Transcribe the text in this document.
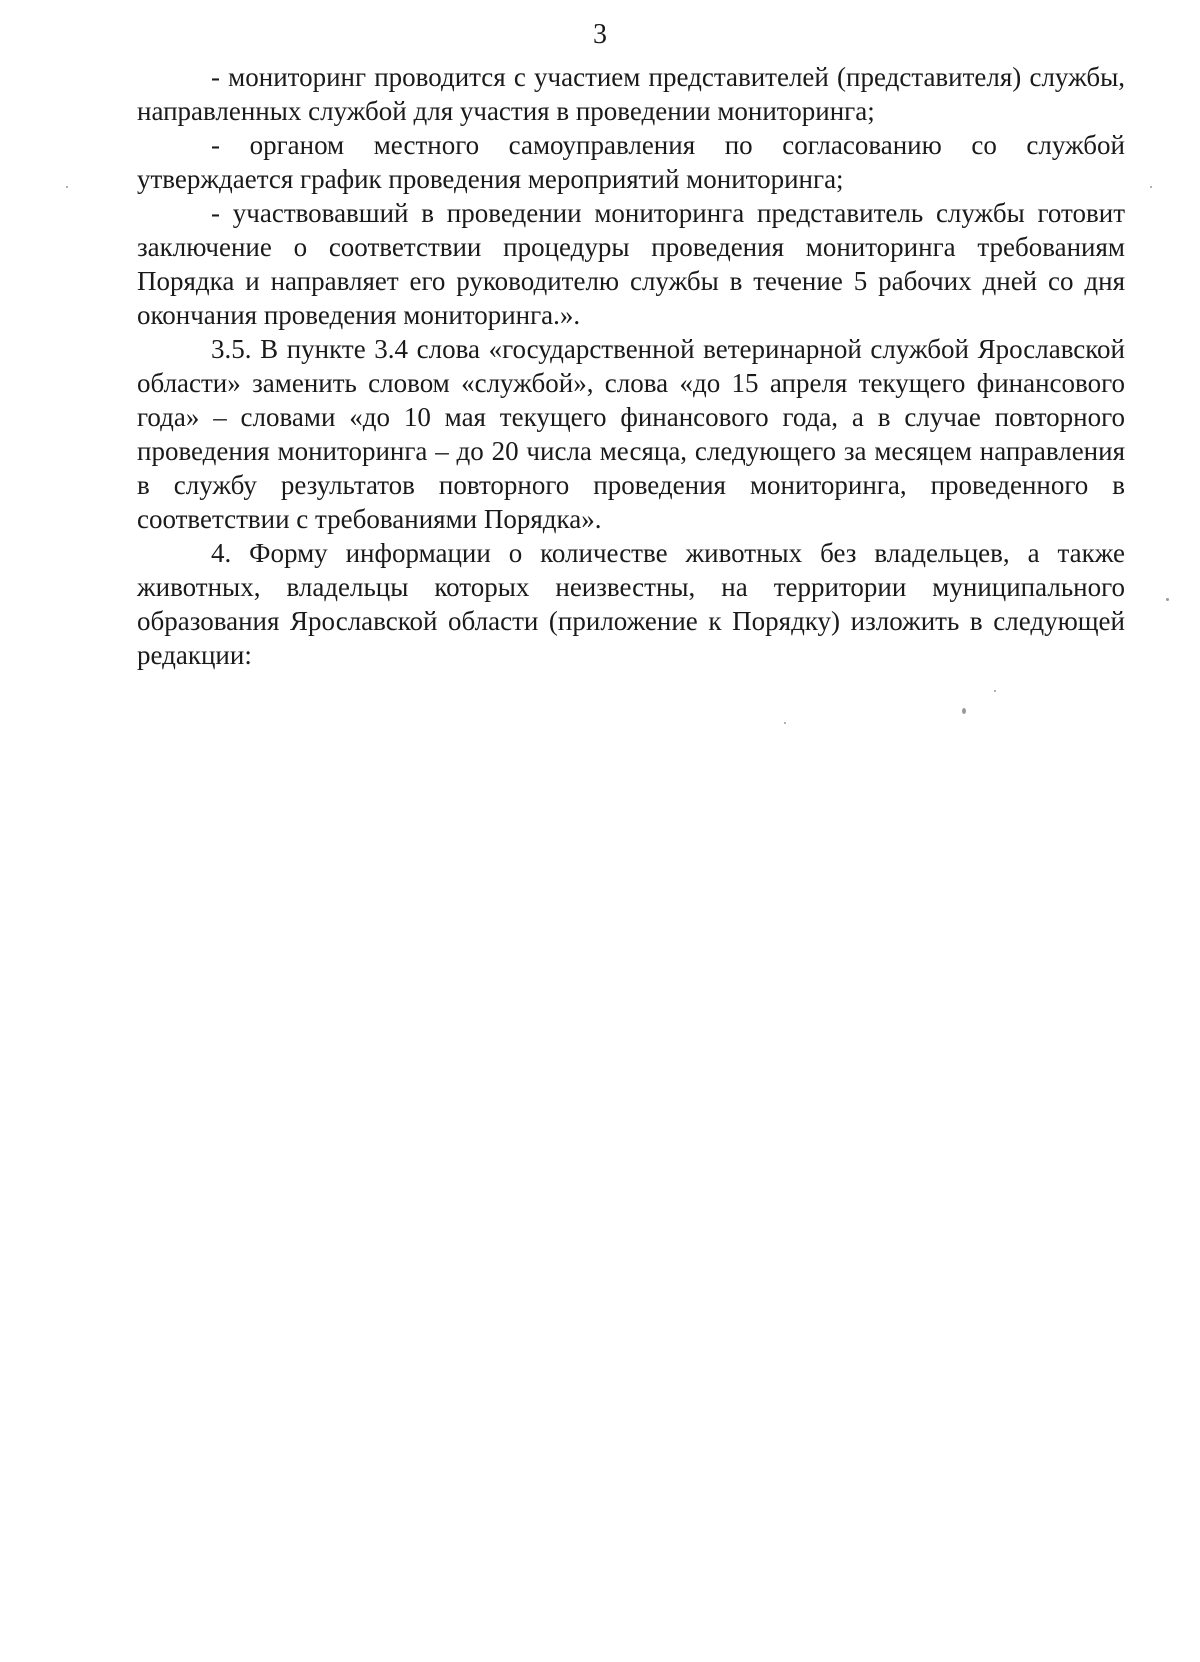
3

- мониторинг проводится с участием представителей (представителя) службы, направленных службой для участия в проведении мониторинга;

- органом местного самоуправления по согласованию со службой утверждается график проведения мероприятий мониторинга;

- участвовавший в проведении мониторинга представитель службы готовит заключение о соответствии процедуры проведения мониторинга требованиям Порядка и направляет его руководителю службы в течение 5 рабочих дней со дня окончания проведения мониторинга.».

3.5. В пункте 3.4 слова «государственной ветеринарной службой Ярославской области» заменить словом «службой», слова «до 15 апреля текущего финансового года» – словами «до 10 мая текущего финансового года, а в случае повторного проведения мониторинга – до 20 числа месяца, следующего за месяцем направления в службу результатов повторного проведения мониторинга, проведенного в соответствии с требованиями Порядка».

4. Форму информации о количестве животных без владельцев, а также животных, владельцы которых неизвестны, на территории муниципального образования Ярославской области (приложение к Порядку) изложить в следующей редакции:
